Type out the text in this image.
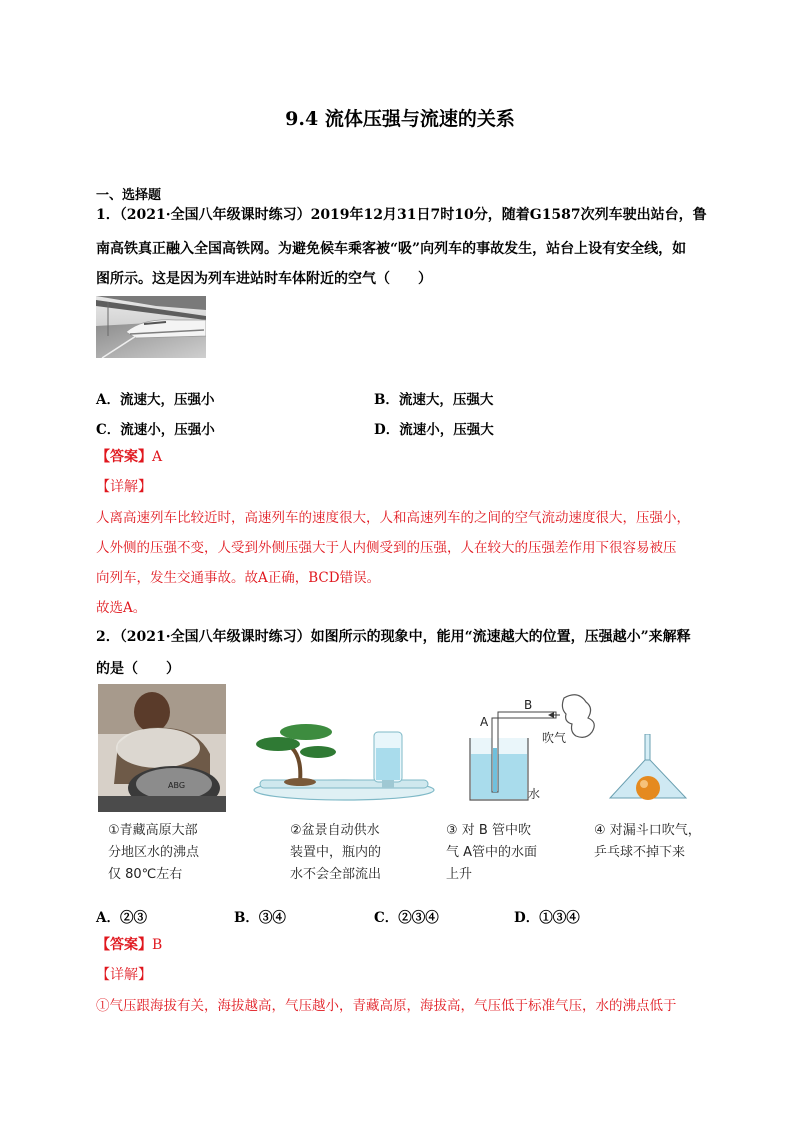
9.4 流体压强与流速的关系
一、选择题
1．（2021·全国八年级课时练习）2019年12月31日7时10分，随着G1587次列车驶出站台，鲁
南高铁真正融入全国高铁网。为避免候车乘客被“吸”向列车的事故发生，站台上设有安全线，如
图所示。这是因为列车进站时车体附近的空气（　　）
A．流速大，压强小	B．流速大，压强大
C．流速小，压强小	D．流速小，压强大
【答案】A
【详解】
人离高速列车比较近时，高速列车的速度很大，人和高速列车的之间的空气流动速度很大，压强小，
人外侧的压强不变，人受到外侧压强大于人内侧受到的压强，人在较大的压强差作用下很容易被压
向列车，发生交通事故。故A正确，BCD错误。
故选A。
2．（2021·全国八年级课时练习）如图所示的现象中，能用“流速越大的位置，压强越小”来解释
的是（　　）
ABG
A
B
吹气
水
①青藏高原大部
分地区水的沸点
仅 80℃左右
②盆景自动供水
装置中，瓶内的
水不会全部流出
③ 对 B 管中吹
气 A管中的水面
上升
④ 对漏斗口吹气，
乒乓球不掉下来
A．②③	B．③④	C．②③④	D．①③④
【答案】B
【详解】
①气压跟海拔有关，海拔越高，气压越小，青藏高原，海拔高，气压低于标准气压，水的沸点低于
